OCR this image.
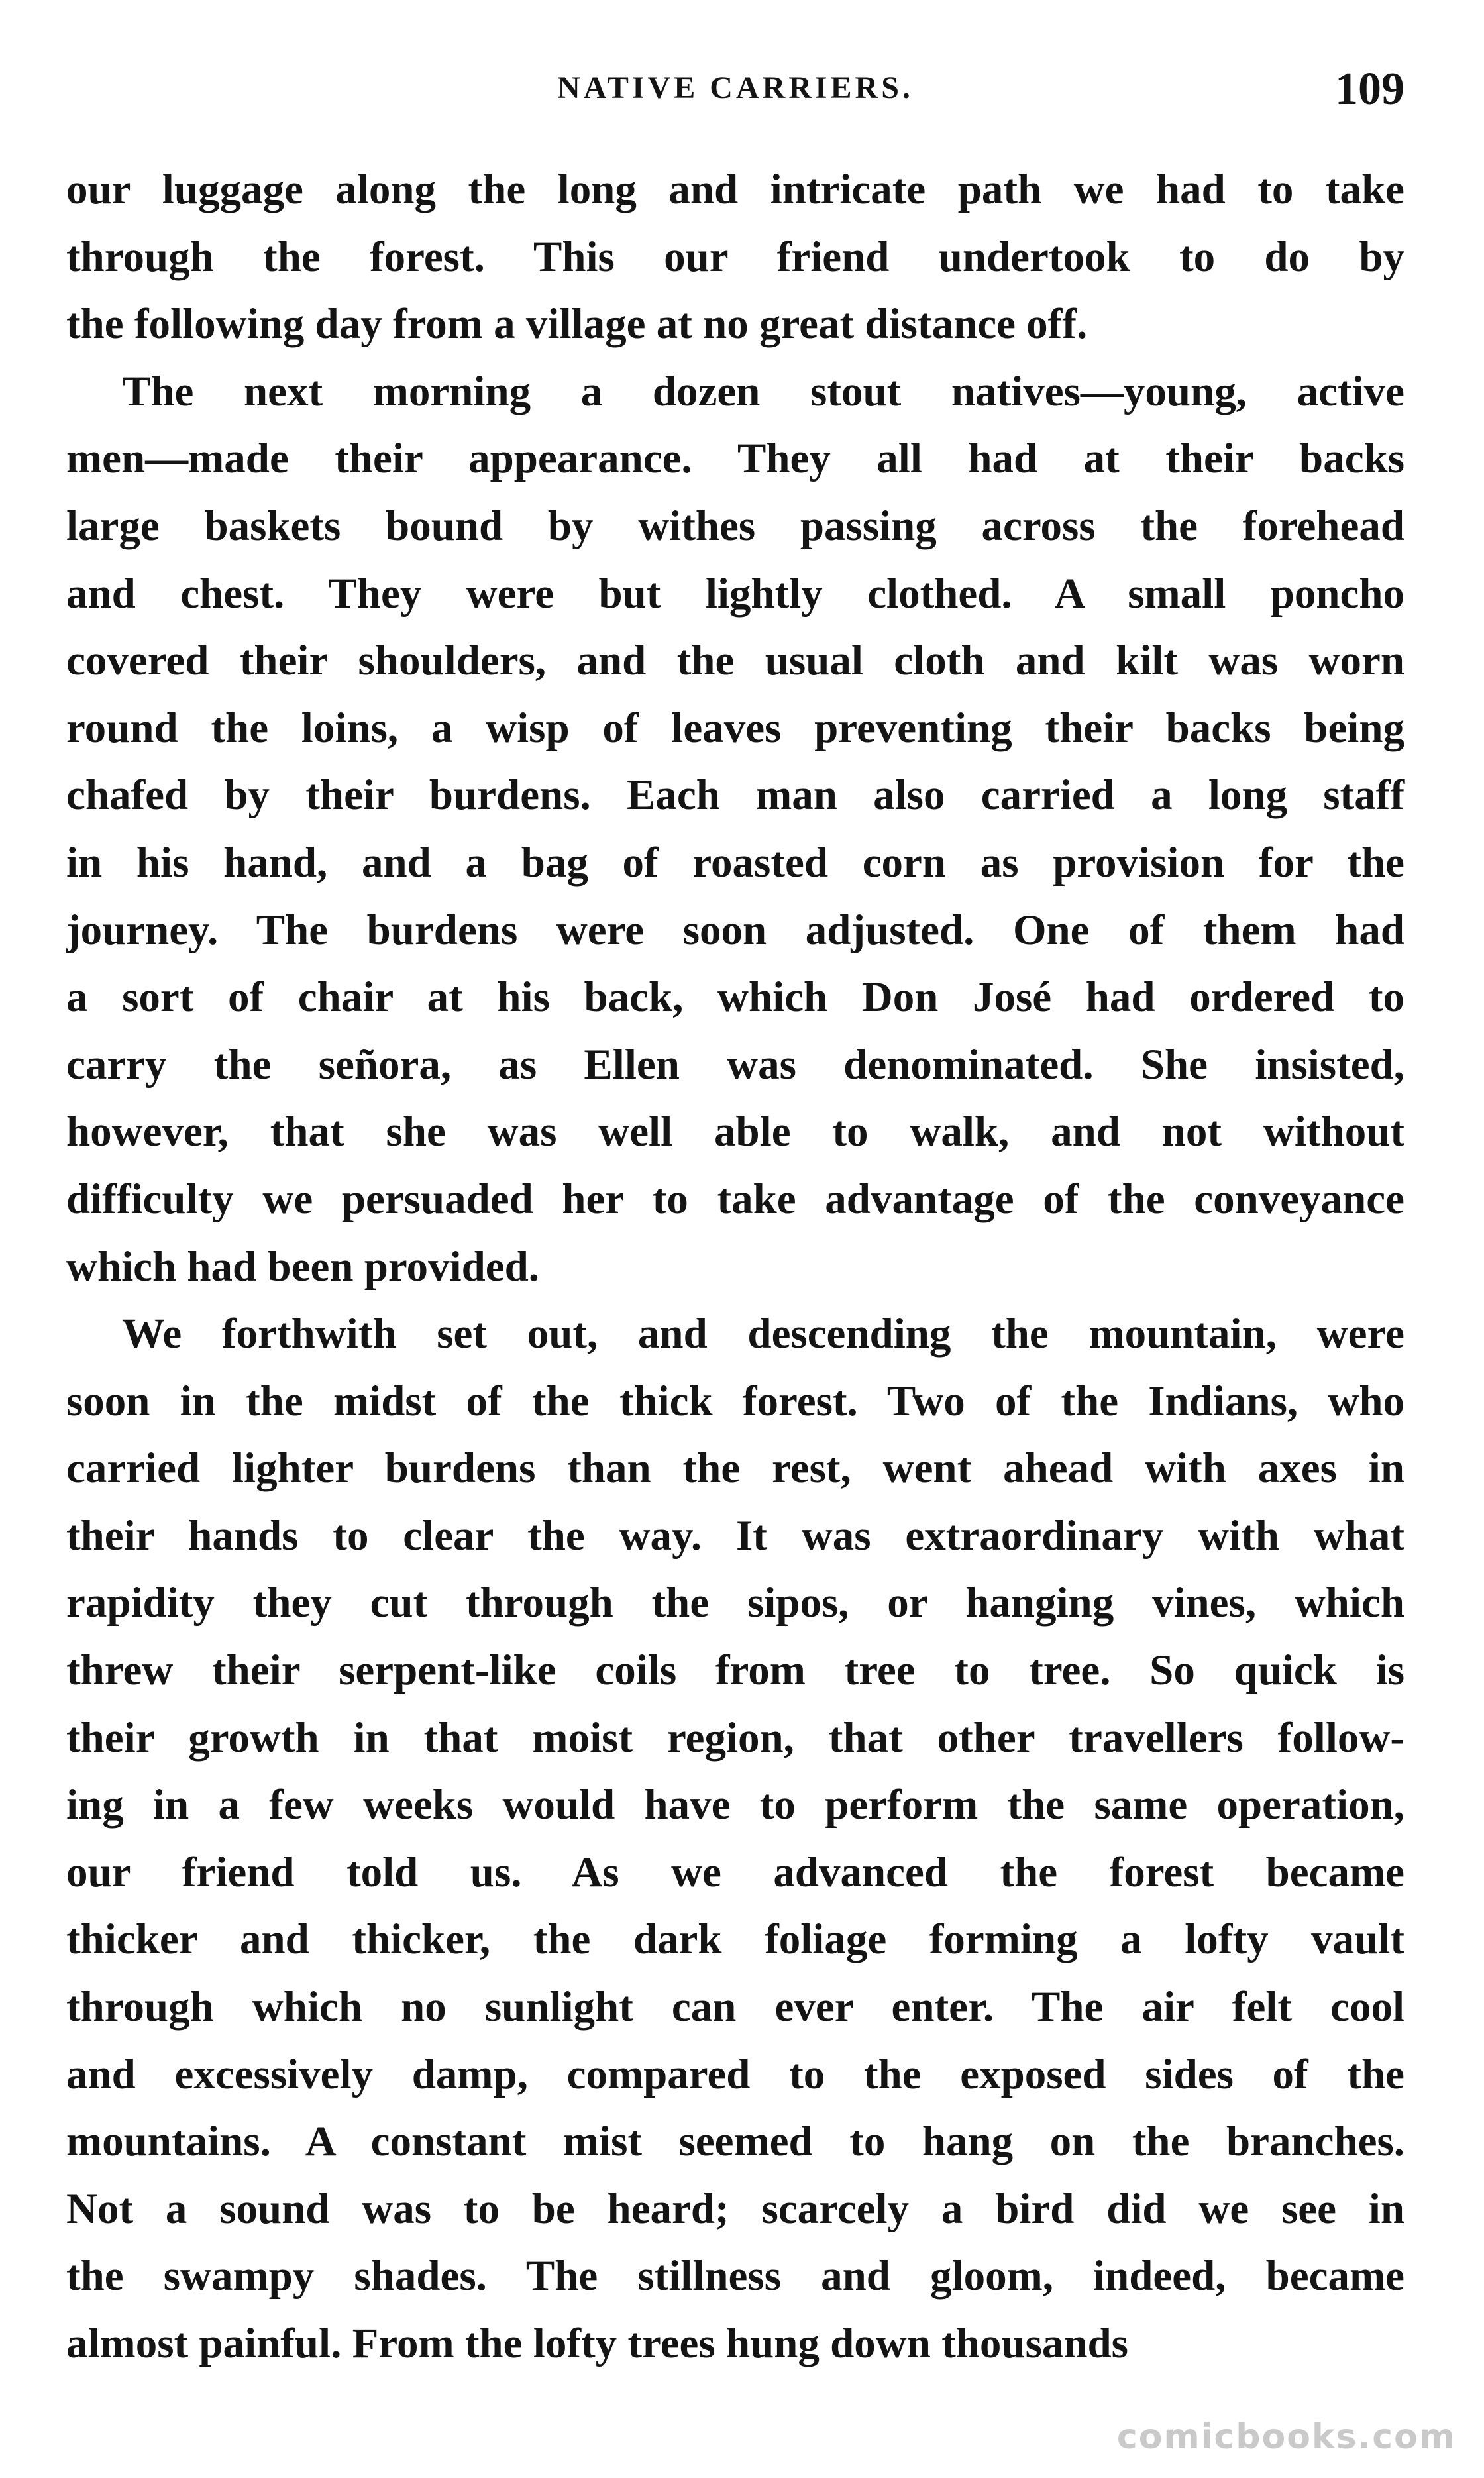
NATIVE CARRIERS.	109

our luggage along the long and intricate path we had to take
through the forest. This our friend undertook to do by
the following day from a village at no great distance off.

The next morning a dozen stout natives—young, active
men—made their appearance. They all had at their backs
large baskets bound by withes passing across the forehead
and chest. They were but lightly clothed. A small poncho
covered their shoulders, and the usual cloth and kilt was worn
round the loins, a wisp of leaves preventing their backs being
chafed by their burdens. Each man also carried a long staff
in his hand, and a bag of roasted corn as provision for the
journey. The burdens were soon adjusted. One of them had
a sort of chair at his back, which Don José had ordered to
carry the señora, as Ellen was denominated. She insisted,
however, that she was well able to walk, and not without
difficulty we persuaded her to take advantage of the conveyance
which had been provided.

We forthwith set out, and descending the mountain, were
soon in the midst of the thick forest. Two of the Indians, who
carried lighter burdens than the rest, went ahead with axes in
their hands to clear the way. It was extraordinary with what
rapidity they cut through the sipos, or hanging vines, which
threw their serpent-like coils from tree to tree. So quick is
their growth in that moist region, that other travellers follow-
ing in a few weeks would have to perform the same operation,
our friend told us. As we advanced the forest became
thicker and thicker, the dark foliage forming a lofty vault
through which no sunlight can ever enter. The air felt cool
and excessively damp, compared to the exposed sides of the
mountains. A constant mist seemed to hang on the branches.
Not a sound was to be heard; scarcely a bird did we see in
the swampy shades. The stillness and gloom, indeed, became
almost painful. From the lofty trees hung down thousands

comicbooks.com
